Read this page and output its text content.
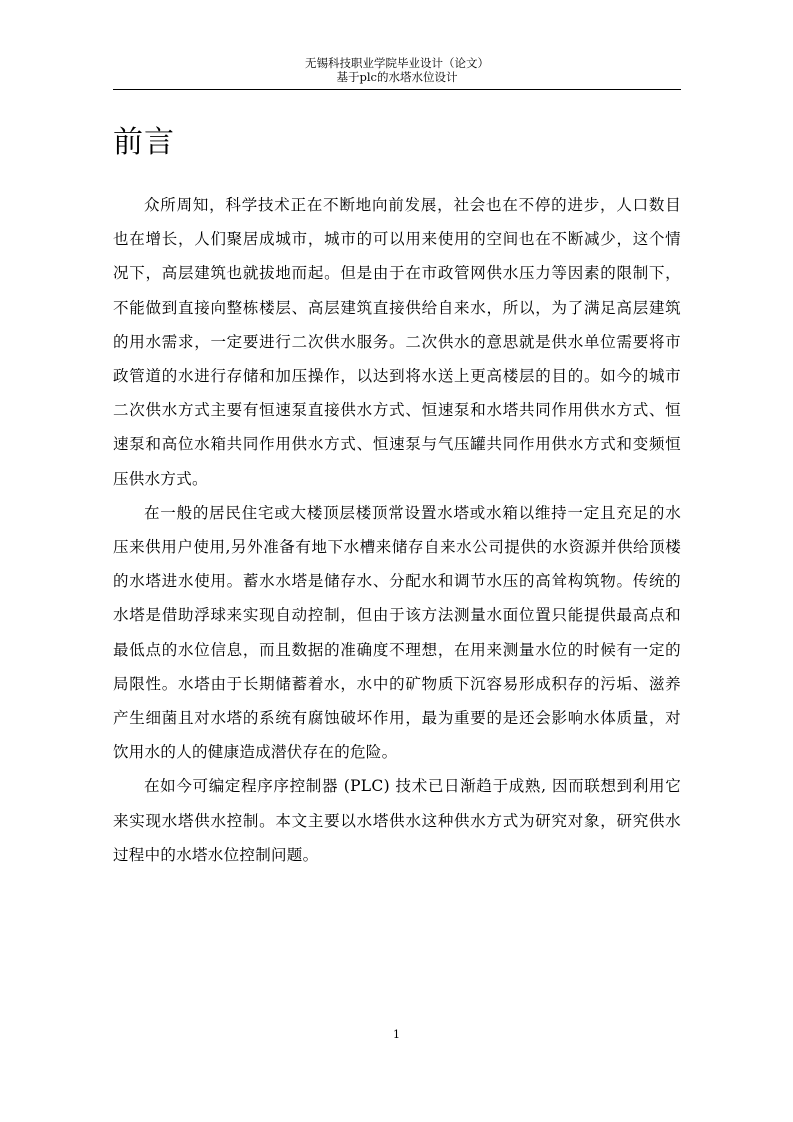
无锡科技职业学院毕业设计（论文）
基于plc的水塔水位设计
前言

众所周知，科学技术正在不断地向前发展，社会也在不停的进步，人口数目也在增长，人们聚居成城市，城市的可以用来使用的空间也在不断减少，这个情况下，高层建筑也就拔地而起。但是由于在市政管网供水压力等因素的限制下，不能做到直接向整栋楼层、高层建筑直接供给自来水，所以，为了满足高层建筑的用水需求，一定要进行二次供水服务。二次供水的意思就是供水单位需要将市政管道的水进行存储和加压操作，以达到将水送上更高楼层的目的。如今的城市二次供水方式主要有恒速泵直接供水方式、恒速泵和水塔共同作用供水方式、恒速泵和高位水箱共同作用供水方式、恒速泵与气压罐共同作用供水方式和变频恒压供水方式。

在一般的居民住宅或大楼顶层楼顶常设置水塔或水箱以维持一定且充足的水压来供用户使用,另外准备有地下水槽来储存自来水公司提供的水资源并供给顶楼的水塔进水使用。蓄水水塔是储存水、分配水和调节水压的高耸构筑物。传统的水塔是借助浮球来实现自动控制，但由于该方法测量水面位置只能提供最高点和最低点的水位信息，而且数据的准确度不理想，在用来测量水位的时候有一定的局限性。水塔由于长期储蓄着水，水中的矿物质下沉容易形成积存的污垢、滋养产生细菌且对水塔的系统有腐蚀破坏作用，最为重要的是还会影响水体质量，对饮用水的人的健康造成潜伏存在的危险。

在如今可编定程序序控制器 (PLC) 技术已日渐趋于成熟, 因而联想到利用它来实现水塔供水控制。本文主要以水塔供水这种供水方式为研究对象，研究供水过程中的水塔水位控制问题。

1
